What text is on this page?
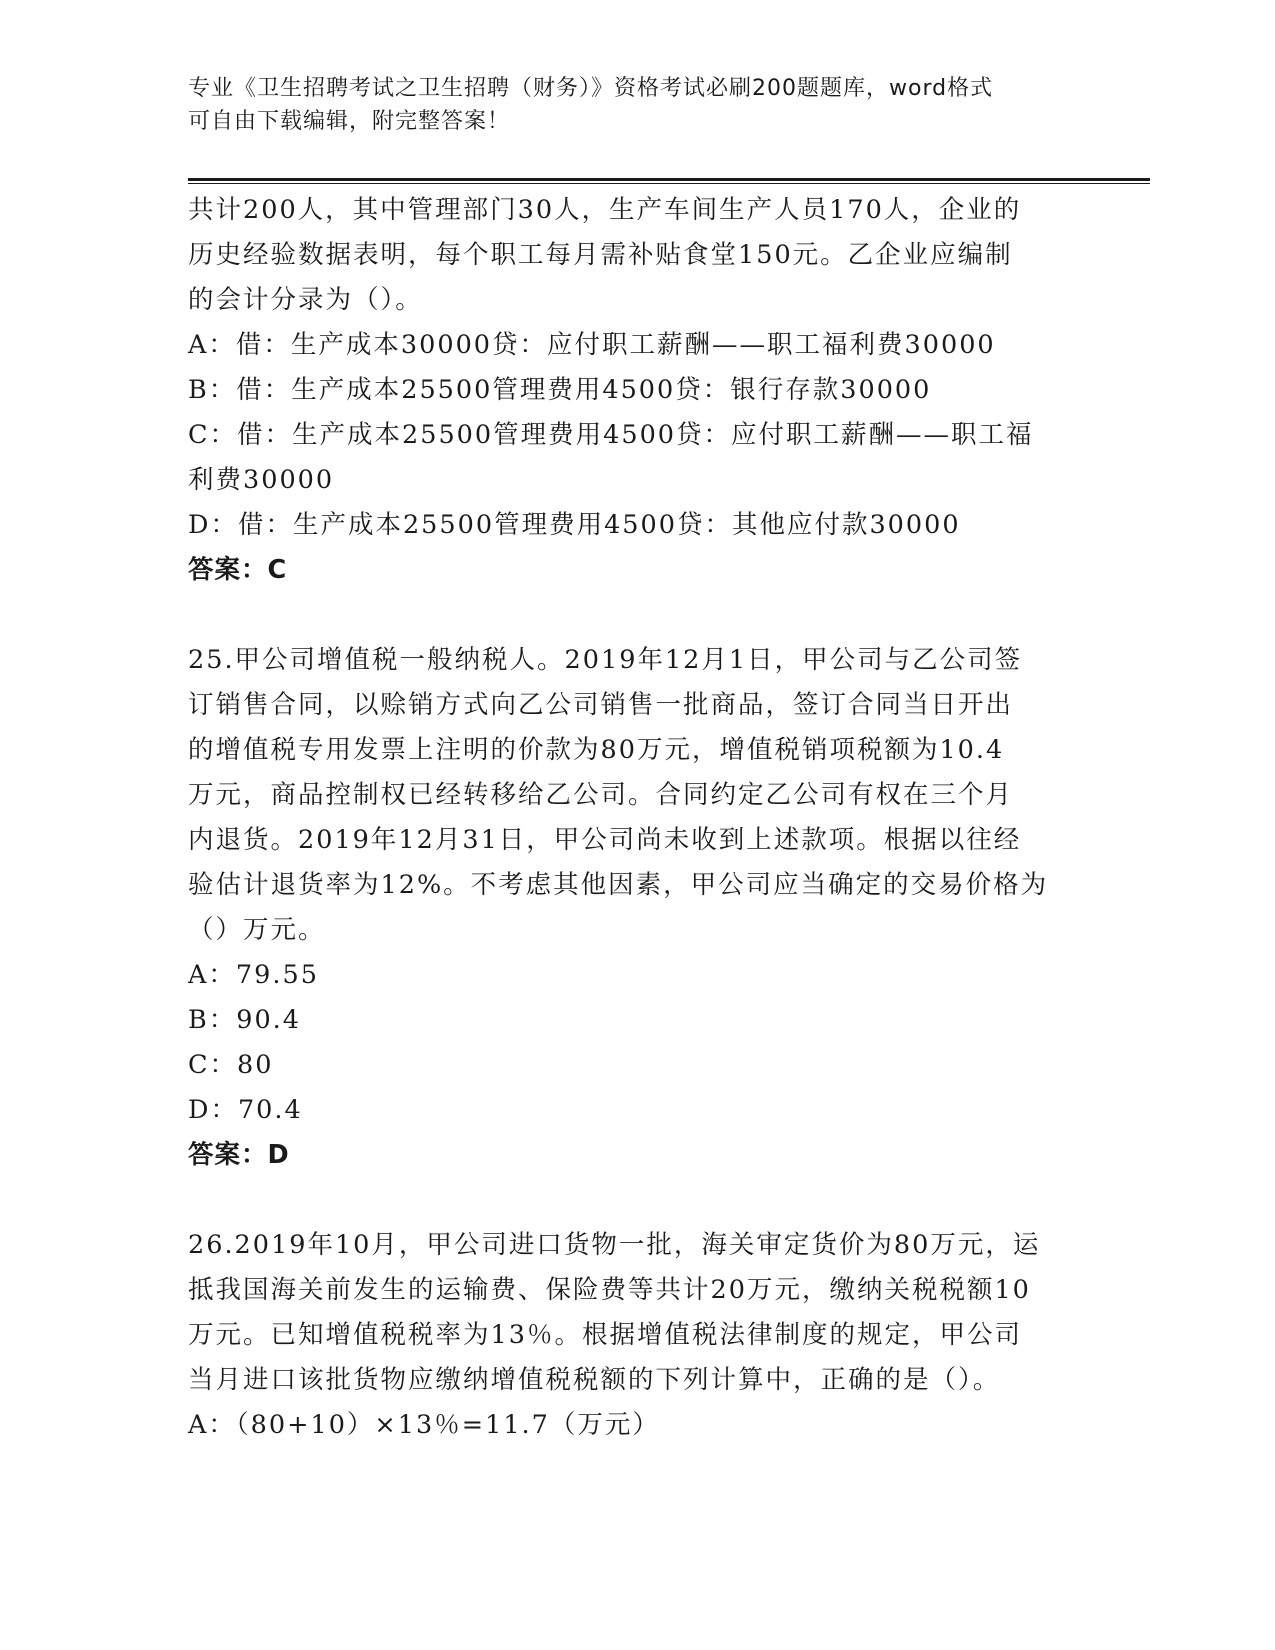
专业《卫生招聘考试之卫生招聘（财务）》资格考试必刷200题题库，word格式
可自由下载编辑，附完整答案！

共计200人，其中管理部门30人，生产车间生产人员170人，企业的

历史经验数据表明，每个职工每月需补贴食堂150元。乙企业应编制

的会计分录为（）。

A：借：生产成本30000贷：应付职工薪酬——职工福利费30000

B：借：生产成本25500管理费用4500贷：银行存款30000

C：借：生产成本25500管理费用4500贷：应付职工薪酬——职工福

利费30000

D：借：生产成本25500管理费用4500贷：其他应付款30000

答案：C

25.甲公司增值税一般纳税人。2019年12月1日，甲公司与乙公司签

订销售合同，以赊销方式向乙公司销售一批商品，签订合同当日开出

的增值税专用发票上注明的价款为80万元，增值税销项税额为10.4

万元，商品控制权已经转移给乙公司。合同约定乙公司有权在三个月

内退货。2019年12月31日，甲公司尚未收到上述款项。根据以往经

验估计退货率为12%。不考虑其他因素，甲公司应当确定的交易价格为

（）万元。

A：79.55

B：90.4

C：80

D：70.4

答案：D

26.2019年10月，甲公司进口货物一批，海关审定货价为80万元，运

抵我国海关前发生的运输费、保险费等共计20万元，缴纳关税税额10

万元。已知增值税税率为13％。根据增值税法律制度的规定，甲公司

当月进口该批货物应缴纳增值税税额的下列计算中，正确的是（）。

A：（80+10）×13％=11.7（万元）
